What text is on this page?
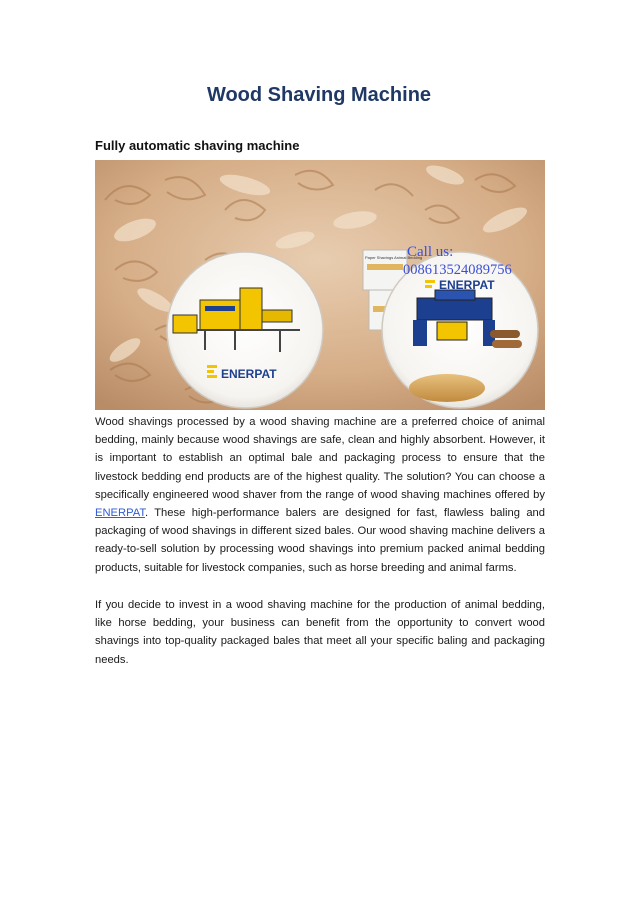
Wood Shaving Machine
Fully automatic shaving machine
ENERPAT
Paper Shavings Animal Bedding
ENERPAT
Call us:
008613524089756
Wood shavings processed by a wood shaving machine are a preferred choice of animal bedding, mainly because wood shavings are safe, clean and highly absorbent. However, it is important to establish an optimal bale and packaging process to ensure that the livestock bedding end products are of the highest quality. The solution? You can choose a specifically engineered wood shaver from the range of wood shaving machines offered by ENERPAT. These high-performance balers are designed for fast, flawless baling and packaging of wood shavings in different sized bales. Our wood shaving machine delivers a ready-to-sell solution by processing wood shavings into premium packed animal bedding products, suitable for livestock companies, such as horse breeding and animal farms.
If you decide to invest in a wood shaving machine for the production of animal bedding, like horse bedding, your business can benefit from the opportunity to convert wood shavings into top-quality packaged bales that meet all your specific baling and packaging needs.
